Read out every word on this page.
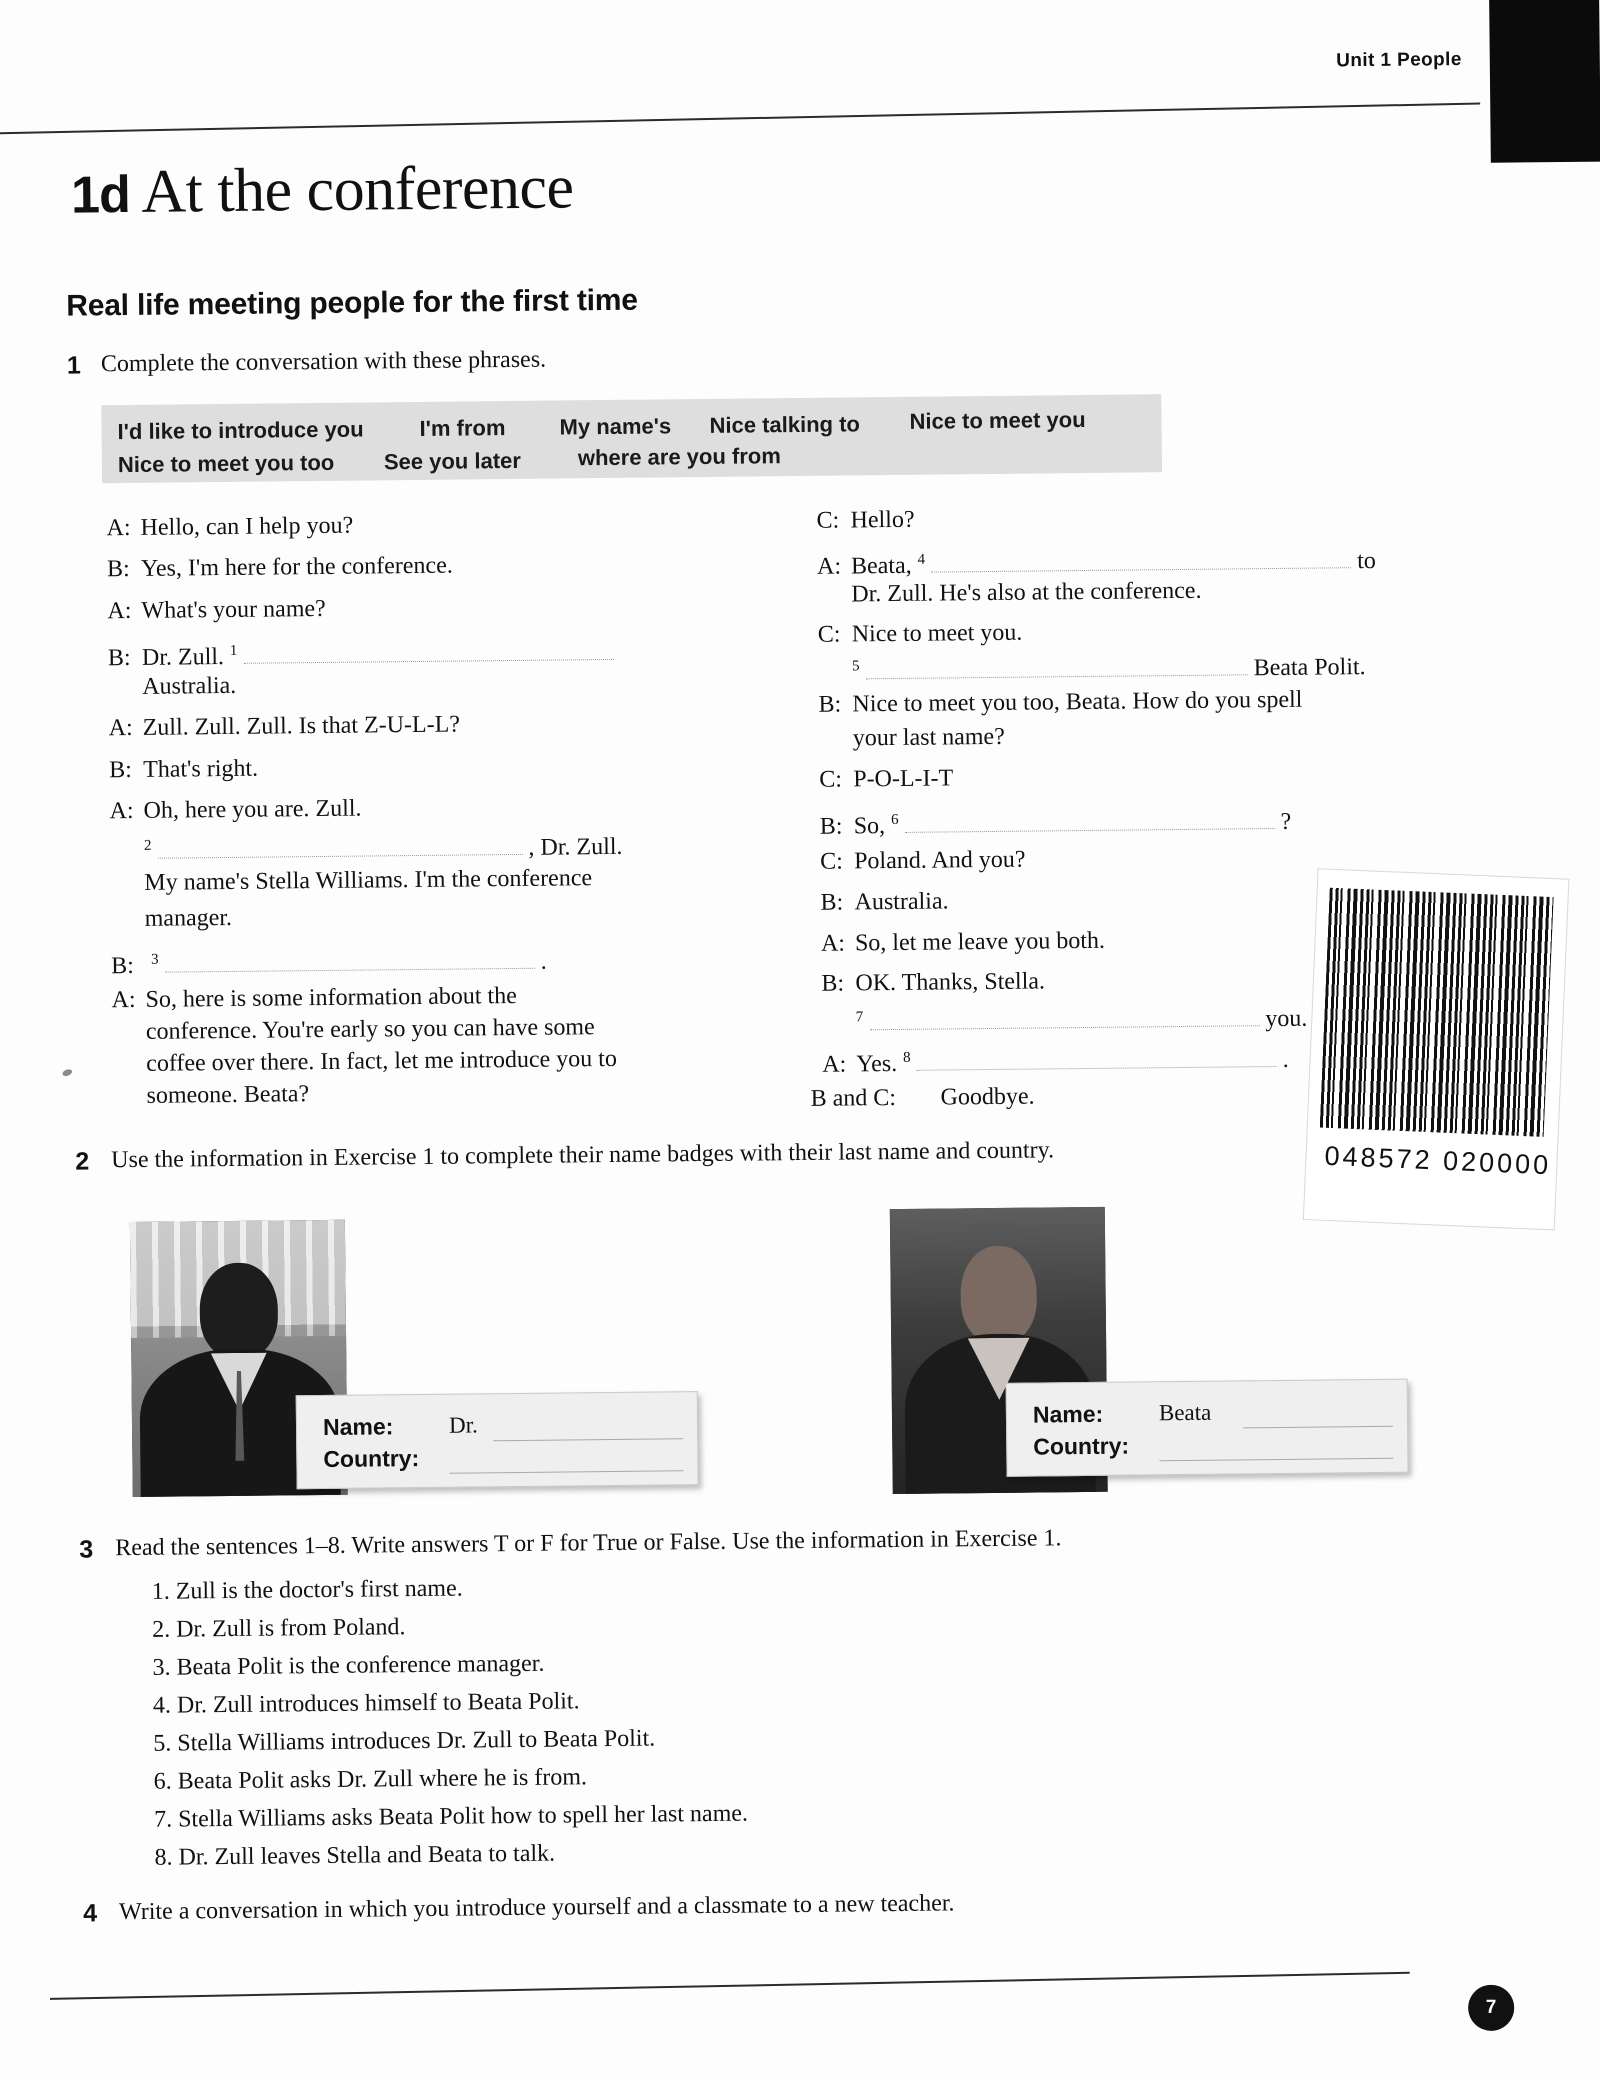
Unit 1 People
1d At the conference
Real life meeting people for the first time
1 Complete the conversation with these phrases.
I'd like to introduce you	I'm from My name's Nice talking to Nice to meet you
Nice to meet you too See you later	where are you from
A: Hello, can I help you?
B: Yes, I'm here for the conference.
A: What's your name?
B: Dr. Zull. $^1$
Australia.
A: Zull. Zull. Zull. Is that Z-U-L-L?
B: That's right.
A: Oh, here you are. Zull.
$^2$	, Dr. Zull.
My name's Stella Williams. I'm the conference
manager.
B: $^3$	.
A: So, here is some information about the
conference. You're early so you can have some
coffee over there. In fact, let me introduce you to
someone. Beata?
C: Hello?
A: Beata, $^4$	to
Dr. Zull. He's also at the conference.
C: Nice to meet you.
$^5$	Beata Polit.
B: Nice to meet you too, Beata. How do you spell
your last name?
C: P-O-L-I-T
B: So, $^6$	?
C: Poland. And you?
B: Australia.
A: So, let me leave you both.
B: OK. Thanks, Stella.
$^7$	you.
A: Yes. $^8$	.
B and C: Goodbye.
048572 020000
2 Use the information in Exercise 1 to complete their name badges with their last name and country.
Name: Dr.
Country:
Name: Beata
Country:
3 Read the sentences 1–8. Write answers T or F for True or False. Use the information in Exercise 1.
1. Zull is the doctor's first name.
2. Dr. Zull is from Poland.
3. Beata Polit is the conference manager.
4. Dr. Zull introduces himself to Beata Polit.
5. Stella Williams introduces Dr. Zull to Beata Polit.
6. Beata Polit asks Dr. Zull where he is from.
7. Stella Williams asks Beata Polit how to spell her last name.
8. Dr. Zull leaves Stella and Beata to talk.
4 Write a conversation in which you introduce yourself and a classmate to a new teacher.
7
